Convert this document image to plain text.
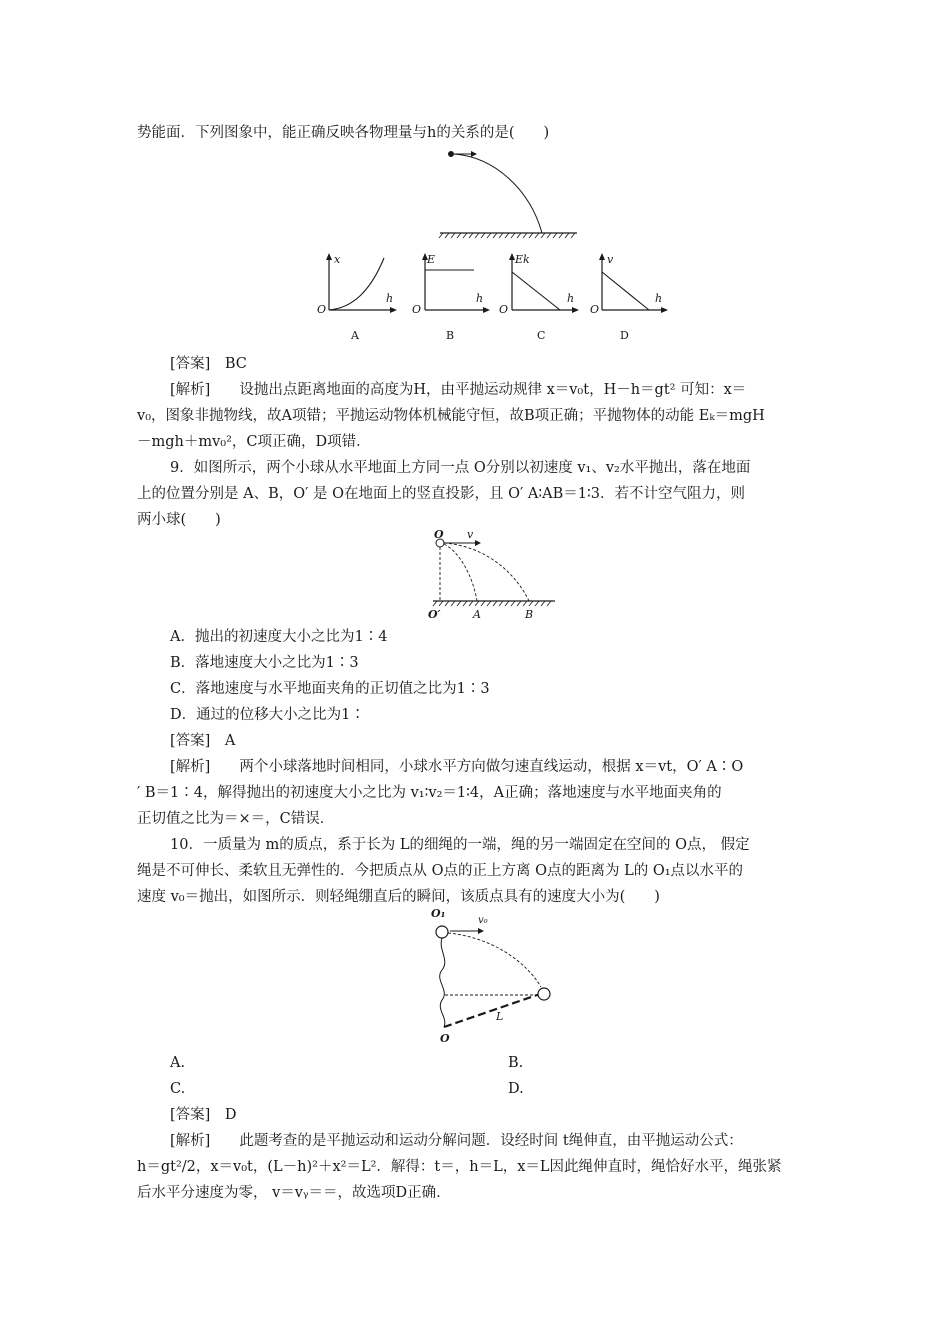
势能面．下列图象中，能正确反映各物理量与h的关系的是(　　)
x
h
O
A
E
h
O
B
Ek
h
O
C
v
h
O
D
[答案]　BC
[解析]　　设抛出点距离地面的高度为H，由平抛运动规律 x＝v₀t，H－h＝gt² 可知：x＝
v₀，图象非抛物线，故A项错；平抛运动物体机械能守恒，故B项正确；平抛物体的动能 Eₖ＝mgH
－mgh＋mv₀²，C项正确，D项错．
9．如图所示，两个小球从水平地面上方同一点 O分别以初速度 v₁、v₂水平抛出，落在地面
上的位置分别是 A、B，O′ 是 O在地面上的竖直投影，且 O′ A∶AB＝1∶3．若不计空气阻力，则
两小球(　　)
O v
O′	A	B
A．抛出的初速度大小之比为1∶4
B．落地速度大小之比为1∶3
C．落地速度与水平地面夹角的正切值之比为1∶3
D．通过的位移大小之比为1∶
[答案]　A
[解析]　　两个小球落地时间相同，小球水平方向做匀速直线运动，根据 x＝vt，O′ A∶O
′ B＝1∶4，解得抛出的初速度大小之比为 v₁∶v₂＝1∶4，A正确；落地速度与水平地面夹角的
正切值之比为＝×＝，C错误．
10．一质量为 m的质点，系于长为 L的细绳的一端，绳的另一端固定在空间的 O点， 假定
绳是不可伸长、柔软且无弹性的．今把质点从 O点的正上方离 O点的距离为 L的 O₁点以水平的
速度 v₀＝抛出，如图所示．则轻绳绷直后的瞬间，该质点具有的速度大小为(　　)
O₁
v₀
L
O
A.	B.
C.	D.
[答案]　D
[解析]　　此题考查的是平抛运动和运动分解问题．设经时间 t绳伸直，由平抛运动公式：
h＝gt²/2，x＝v₀t，(L－h)²＋x²＝L²．解得：t＝，h＝L，x＝L因此绳伸直时，绳恰好水平，绳张紧
后水平分速度为零， v＝vᵧ＝＝，故选项D正确．
